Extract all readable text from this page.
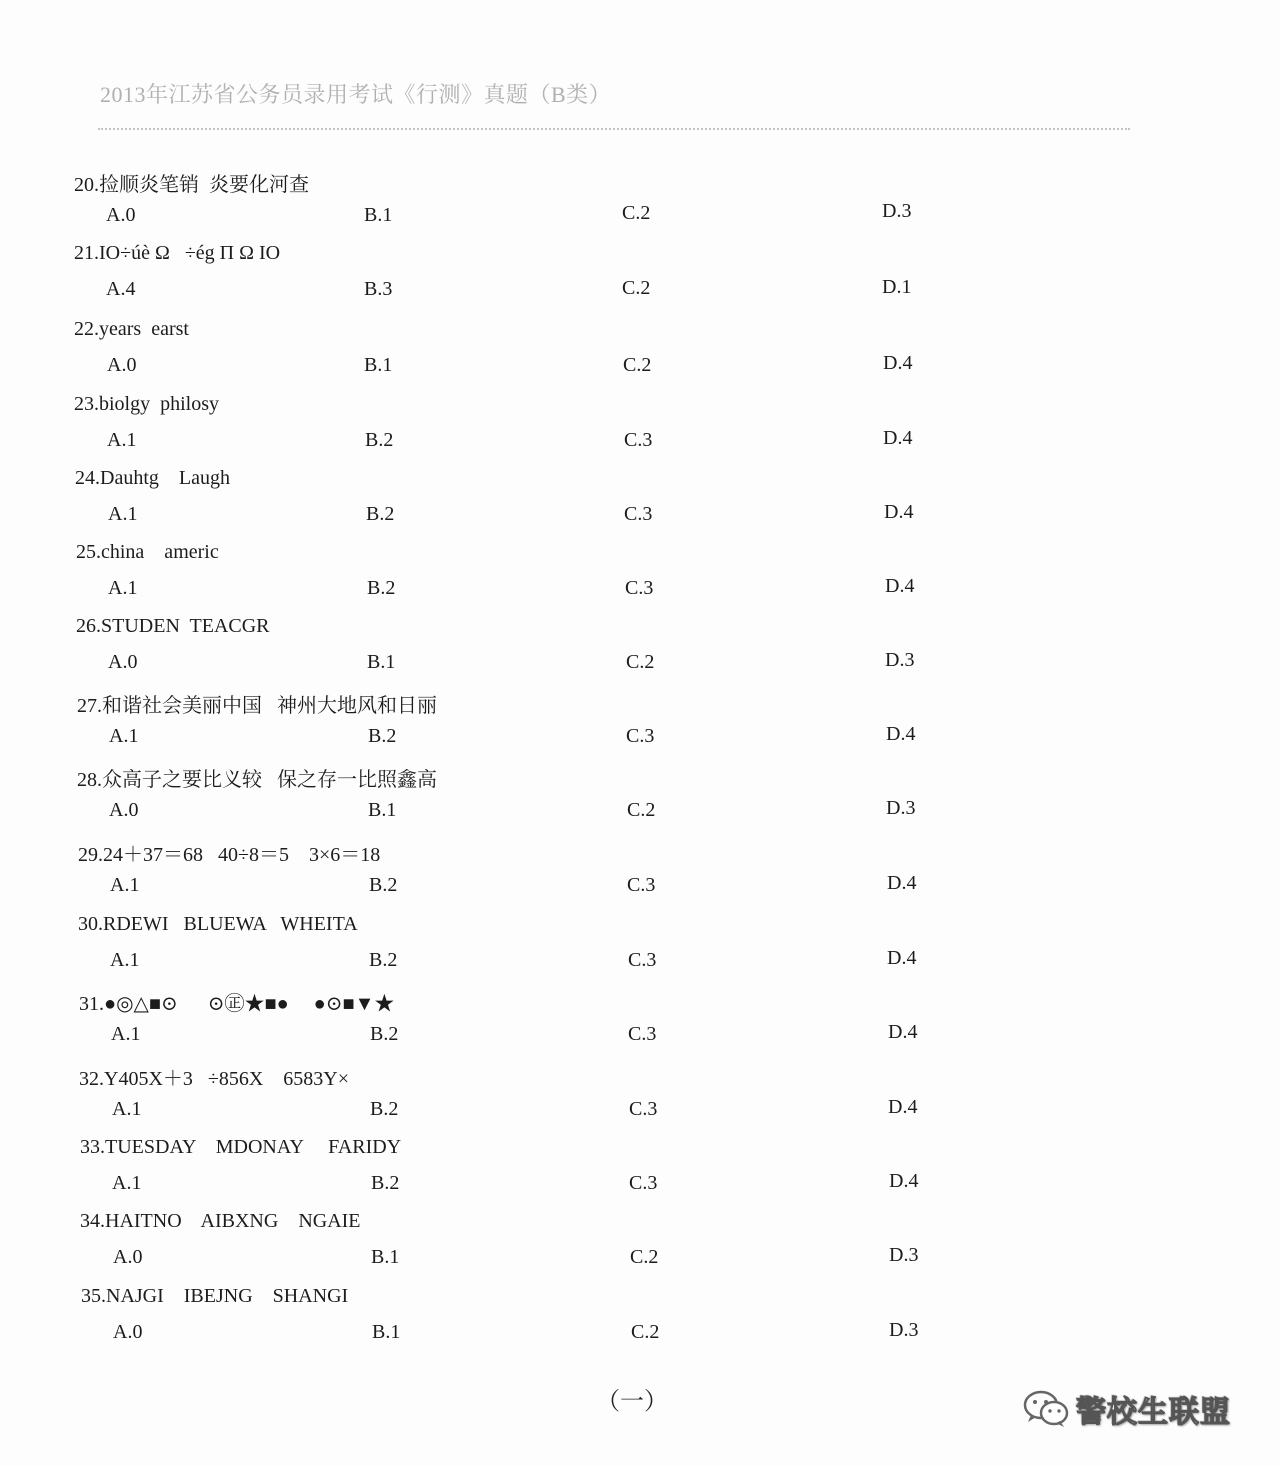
2013年江苏省公务员录用考试《行测》真题（B类）
20.捡顺炎笔销  炎要化河查
A.0	B.1	C.2	D.3
21.IO÷úè Ω   ÷ég Π Ω IO
A.4	B.3	C.2	D.1
22.years  earst
A.0	B.1	C.2	D.4
23.biolgy  philosy
A.1	B.2	C.3	D.4
24.Dauhtg    Laugh
A.1	B.2	C.3	D.4
25.china    americ
A.1	B.2	C.3	D.4
26.STUDEN  TEACGR
A.0	B.1	C.2	D.3
27.和谐社会美丽中国   神州大地风和日丽
A.1	B.2	C.3	D.4
28.众高子之要比义较   保之存一比照鑫高
A.0	B.1	C.2	D.3
29.24＋37＝68   40÷8＝5    3×6＝18
A.1	B.2	C.3	D.4
30.RDEWI   BLUEWA   WHEITA
A.1	B.2	C.3	D.4
31.●◎△■⊙      ⊙㊣★■●     ●⊙■▼★
A.1	B.2	C.3	D.4
32.Y405X＋3   ÷856X    6583Y×
A.1	B.2	C.3	D.4
33.TUESDAY    MDONAY     FARIDY
A.1	B.2	C.3	D.4
34.HAITNO    AIBXNG    NGAIE
A.0	B.1	C.2	D.3
35.NAJGI    IBEJNG    SHANGI
A.0	B.1	C.2	D.3
（一）	警校生联盟
